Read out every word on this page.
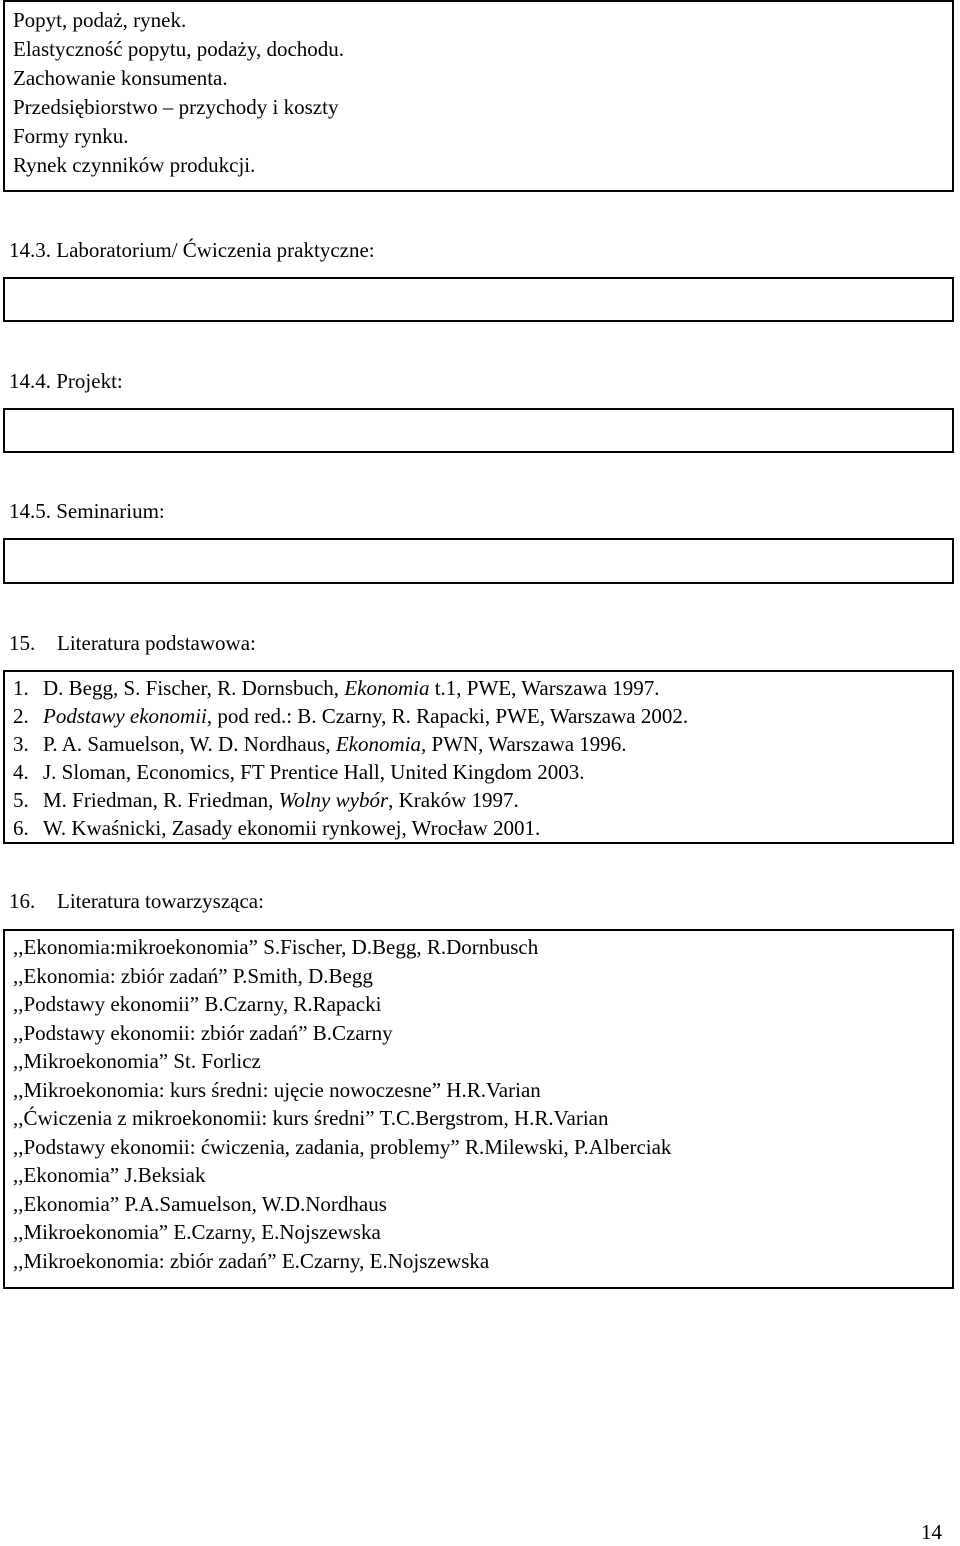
Popyt, podaż, rynek.
Elastyczność popytu, podaży, dochodu.
Zachowanie konsumenta.
Przedsiębiorstwo – przychody i koszty
Formy rynku.
Rynek czynników produkcji.
14.3. Laboratorium/ Ćwiczenia praktyczne:
14.4. Projekt:
14.5. Seminarium:
15. Literatura podstawowa:
1. D. Begg, S. Fischer, R. Dornsbuch, Ekonomia t.1, PWE, Warszawa 1997.
2. Podstawy ekonomii, pod red.: B. Czarny, R. Rapacki, PWE, Warszawa 2002.
3. P. A. Samuelson, W. D. Nordhaus, Ekonomia, PWN, Warszawa 1996.
4. J. Sloman, Economics, FT Prentice Hall, United Kingdom 2003.
5. M. Friedman, R. Friedman, Wolny wybór, Kraków 1997.
6. W. Kwaśnicki, Zasady ekonomii rynkowej, Wrocław 2001.
16. Literatura towarzysząca:
,,Ekonomia:mikroekonomia” S.Fischer, D.Begg, R.Dornbusch
,,Ekonomia: zbiór zadań” P.Smith, D.Begg
,,Podstawy ekonomii” B.Czarny, R.Rapacki
,,Podstawy ekonomii: zbiór zadań” B.Czarny
,,Mikroekonomia” St. Forlicz
,,Mikroekonomia: kurs średni: ujęcie nowoczesne” H.R.Varian
,,Ćwiczenia z mikroekonomii: kurs średni” T.C.Bergstrom, H.R.Varian
,,Podstawy ekonomii: ćwiczenia, zadania, problemy” R.Milewski, P.Alberciak
,,Ekonomia” J.Beksiak
,,Ekonomia” P.A.Samuelson, W.D.Nordhaus
,,Mikroekonomia” E.Czarny, E.Nojszewska
,,Mikroekonomia: zbiór zadań” E.Czarny, E.Nojszewska
14
